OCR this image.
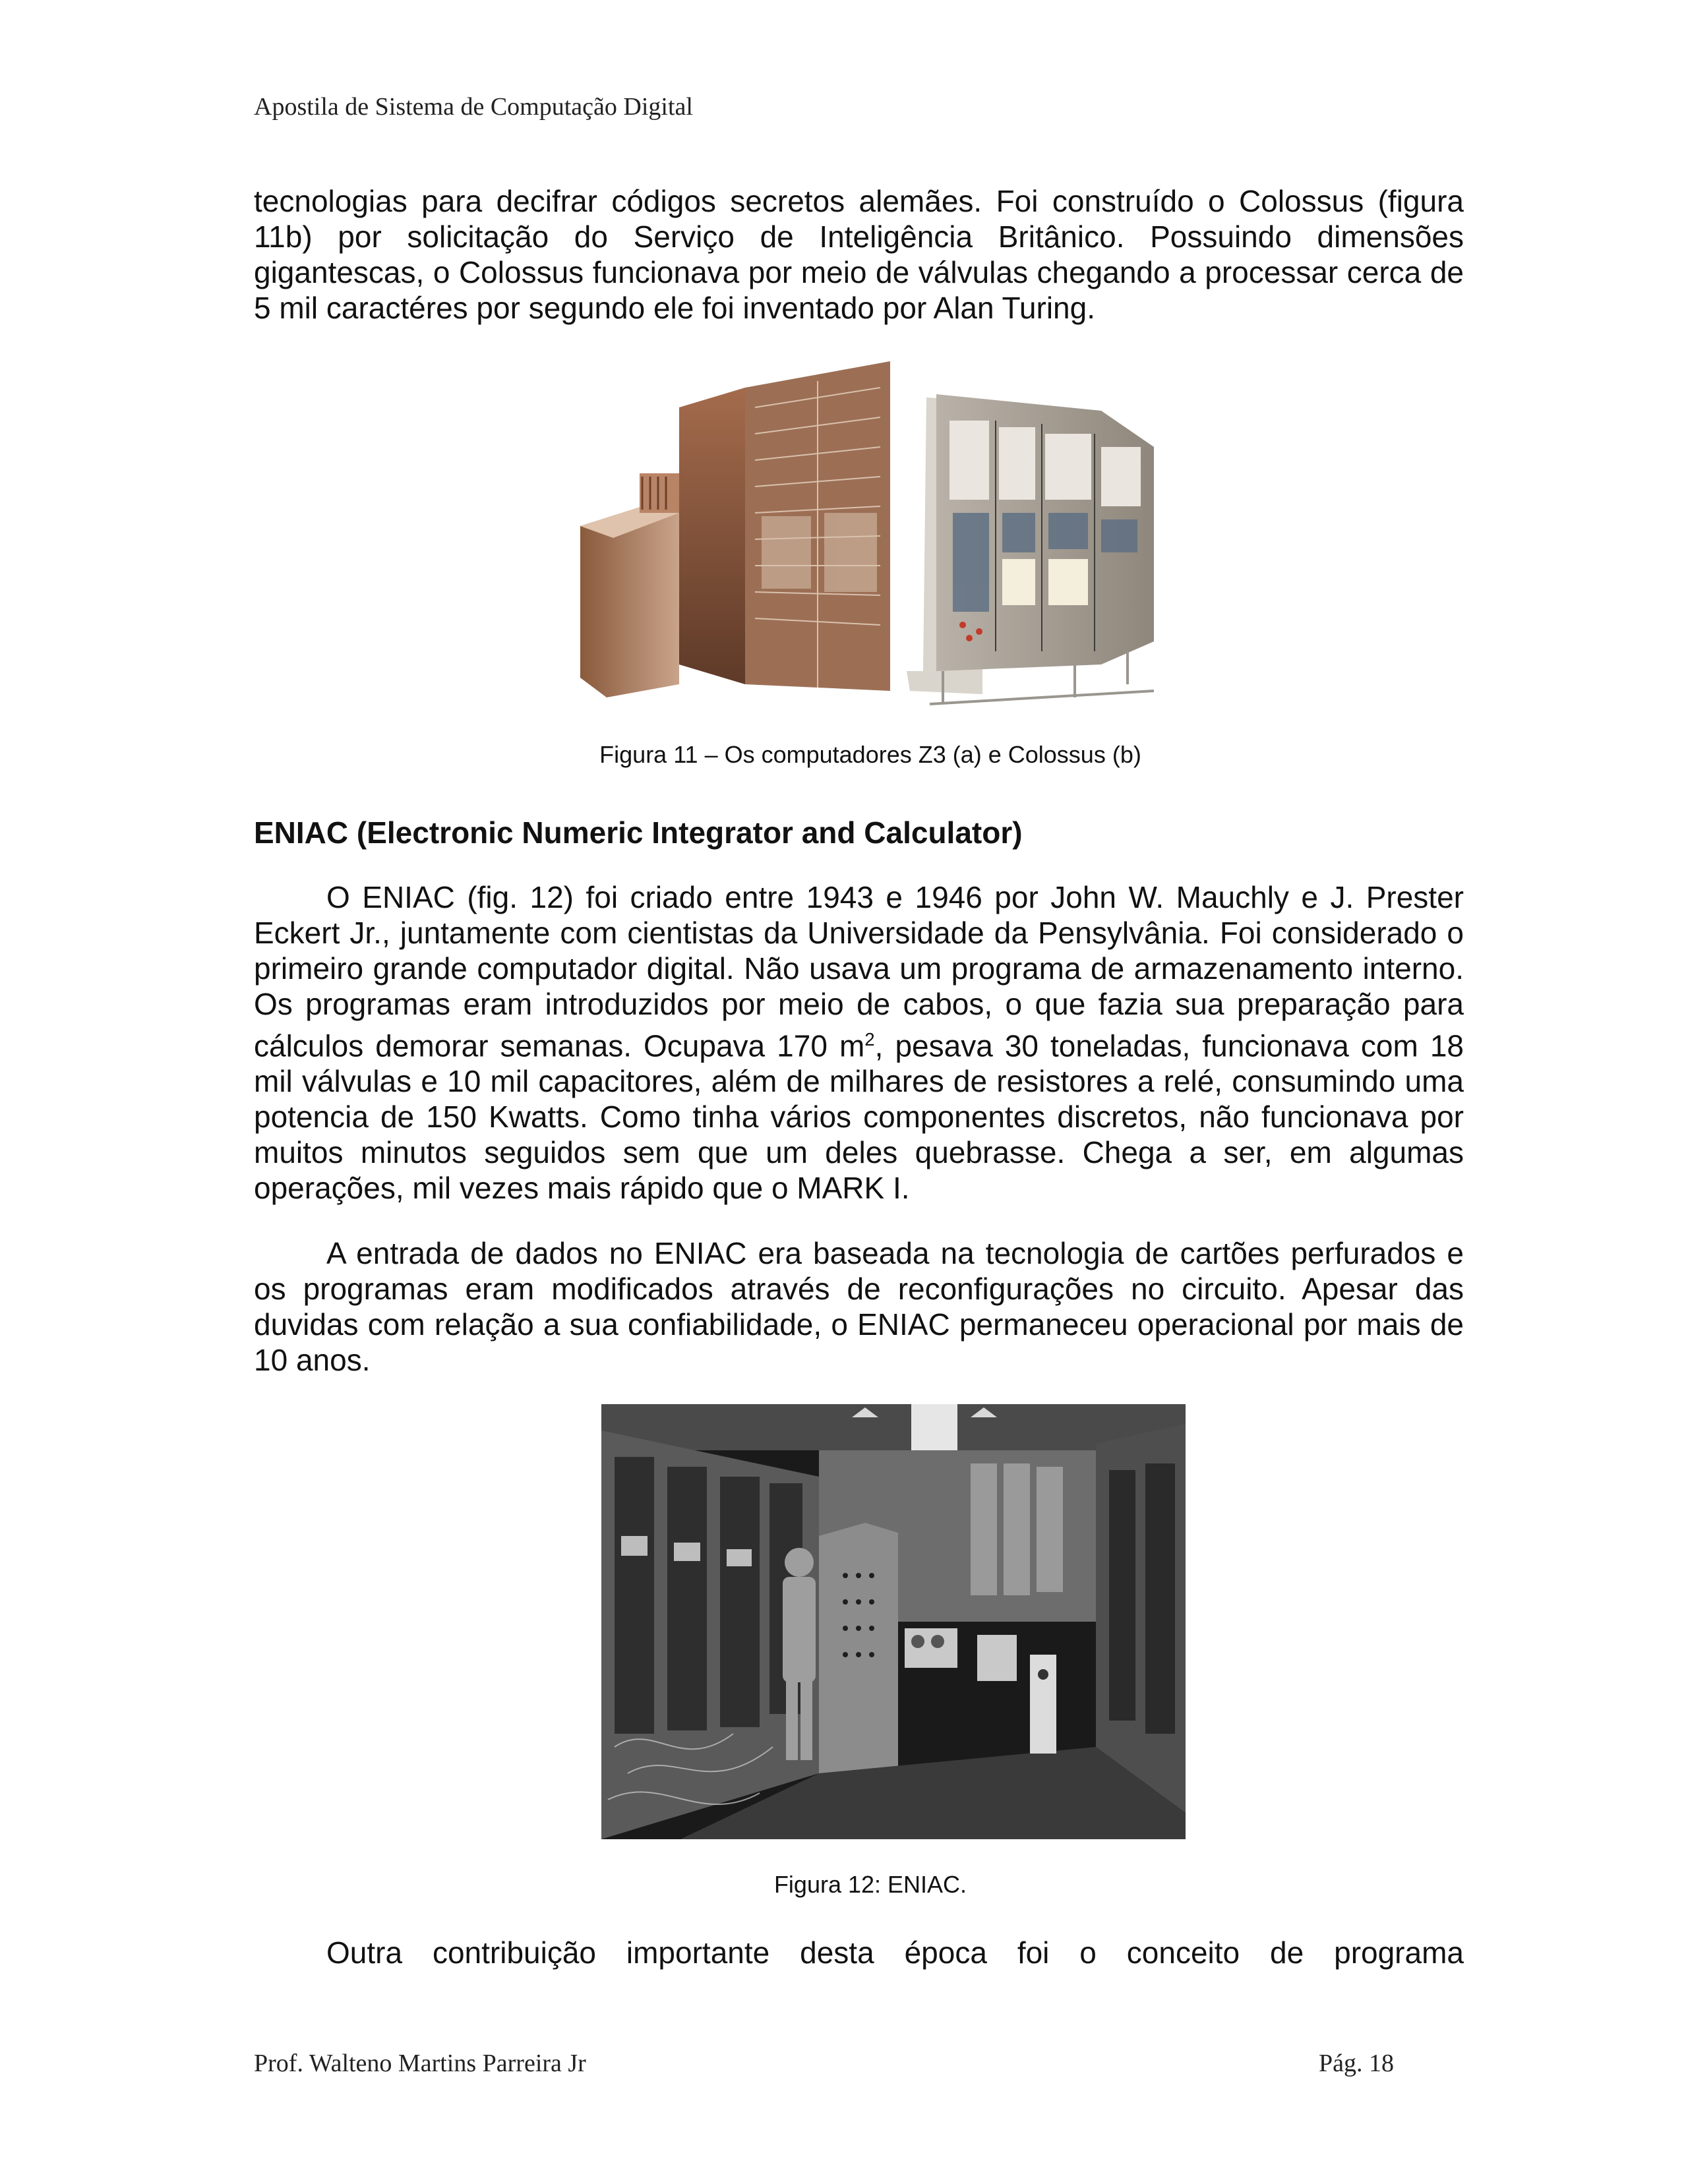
Apostila de Sistema de Computação Digital

tecnologias para decifrar códigos secretos alemães. Foi construído o Colossus (figura 11b) por solicitação do Serviço de Inteligência Britânico. Possuindo dimensões gigantescas, o Colossus funcionava por meio de válvulas chegando a processar cerca de 5 mil caractéres por segundo ele foi inventado por Alan Turing.

Figura 11 – Os computadores Z3 (a) e Colossus (b)
ENIAC (Electronic Numeric Integrator and Calculator)

O ENIAC (fig. 12) foi criado entre 1943 e 1946 por John W. Mauchly e J. Prester Eckert Jr., juntamente com cientistas da Universidade da Pensylvânia. Foi considerado o primeiro grande computador digital. Não usava um programa de armazenamento interno. Os programas eram introduzidos por meio de cabos, o que fazia sua preparação para cálculos demorar semanas. Ocupava 170 $m^2$, pesava 30 toneladas, funcionava com 18 mil válvulas e 10 mil capacitores, além de milhares de resistores a relé, consumindo uma potencia de 150 Kwatts. Como tinha vários componentes discretos, não funcionava por muitos minutos seguidos sem que um deles quebrasse. Chega a ser, em algumas operações, mil vezes mais rápido que o MARK I.

A entrada de dados no ENIAC era baseada na tecnologia de cartões perfurados e os programas eram modificados através de reconfigurações no circuito. Apesar das duvidas com relação a sua confiabilidade, o ENIAC permaneceu operacional por mais de 10 anos.

Figura 12: ENIAC.

Outra contribuição importante desta época foi o conceito de programa

Prof. Walteno Martins Parreira Jr	Pág. 18
